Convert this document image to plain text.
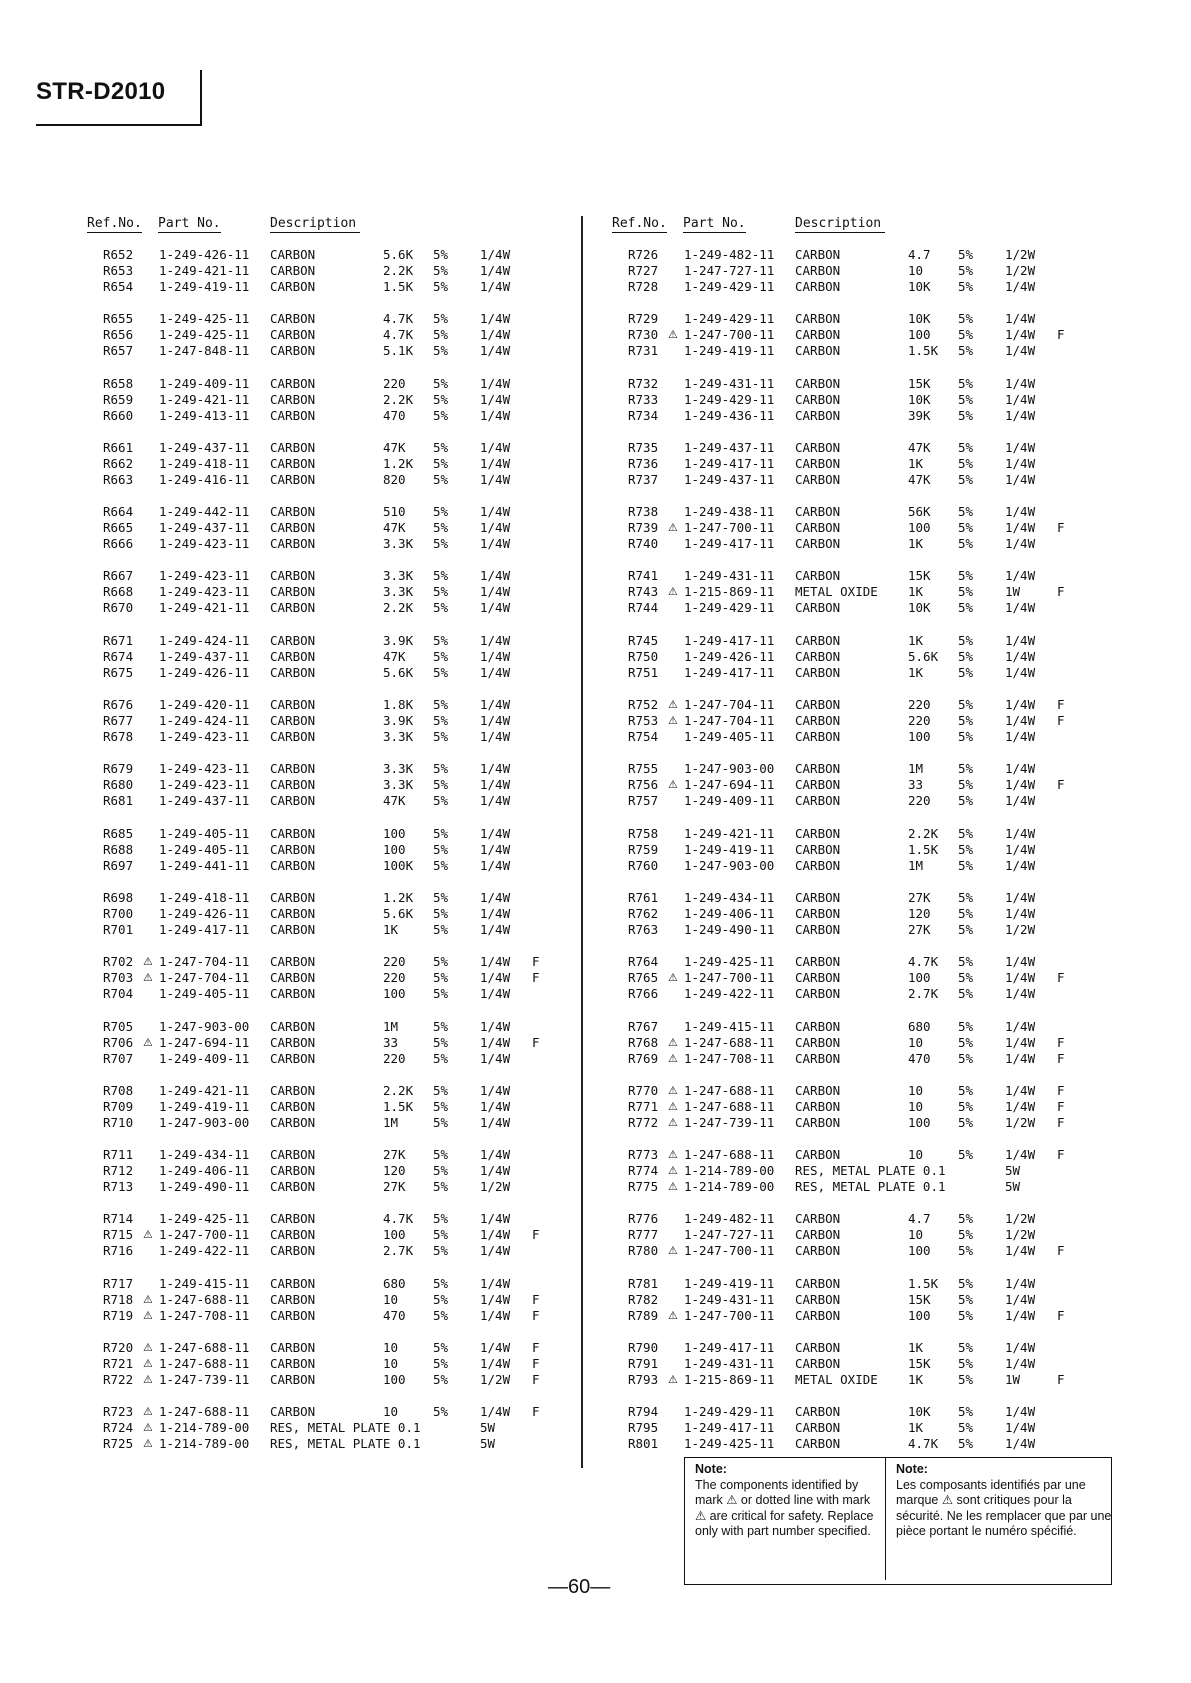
STR-D2010
Ref.No. Part No.	Description
R652 1-249-426-11 CARBON	5.6K 5%	1/4W
R653 1-249-421-11 CARBON	2.2K 5%	1/4W
R654 1-249-419-11 CARBON	1.5K 5%	1/4W
R655 1-249-425-11 CARBON	4.7K 5%	1/4W
R656 1-249-425-11 CARBON	4.7K 5%	1/4W
R657 1-247-848-11 CARBON	5.1K 5%	1/4W
R658 1-249-409-11 CARBON	220 5%	1/4W
R659 1-249-421-11 CARBON	2.2K 5%	1/4W
R660 1-249-413-11 CARBON	470 5%	1/4W
R661 1-249-437-11 CARBON	47K 5%	1/4W
R662 1-249-418-11 CARBON	1.2K 5%	1/4W
R663 1-249-416-11 CARBON	820 5%	1/4W
R664 1-249-442-11 CARBON	510 5%	1/4W
R665 1-249-437-11 CARBON	47K 5%	1/4W
R666 1-249-423-11 CARBON	3.3K 5%	1/4W
R667 1-249-423-11 CARBON	3.3K 5%	1/4W
R668 1-249-423-11 CARBON	3.3K 5%	1/4W
R670 1-249-421-11 CARBON	2.2K 5%	1/4W
R671 1-249-424-11 CARBON	3.9K 5%	1/4W
R674 1-249-437-11 CARBON	47K 5%	1/4W
R675 1-249-426-11 CARBON	5.6K 5%	1/4W
R676 1-249-420-11 CARBON	1.8K 5%	1/4W
R677 1-249-424-11 CARBON	3.9K 5%	1/4W
R678 1-249-423-11 CARBON	3.3K 5%	1/4W
R679 1-249-423-11 CARBON	3.3K 5%	1/4W
R680 1-249-423-11 CARBON	3.3K 5%	1/4W
R681 1-249-437-11 CARBON	47K 5%	1/4W
R685 1-249-405-11 CARBON	100 5%	1/4W
R688 1-249-405-11 CARBON	100 5%	1/4W
R697 1-249-441-11 CARBON	100K 5%	1/4W
R698 1-249-418-11 CARBON	1.2K 5%	1/4W
R700 1-249-426-11 CARBON	5.6K 5%	1/4W
R701 1-249-417-11 CARBON	1K	5%	1/4W
R702 ⚠ 1-247-704-11 CARBON	220 5%	1/4W F
R703 ⚠ 1-247-704-11 CARBON	220 5%	1/4W F
R704 1-249-405-11 CARBON	100 5%	1/4W
R705 1-247-903-00 CARBON	1M	5%	1/4W
R706 ⚠ 1-247-694-11 CARBON	33	5%	1/4W F
R707 1-249-409-11 CARBON	220 5%	1/4W
R708 1-249-421-11 CARBON	2.2K 5%	1/4W
R709 1-249-419-11 CARBON	1.5K 5%	1/4W
R710 1-247-903-00 CARBON	1M	5%	1/4W
R711 1-249-434-11 CARBON	27K 5%	1/4W
R712 1-249-406-11 CARBON	120 5%	1/4W
R713 1-249-490-11 CARBON	27K 5%	1/2W
R714 1-249-425-11 CARBON	4.7K 5%	1/4W
R715 ⚠ 1-247-700-11 CARBON	100 5%	1/4W F
R716 1-249-422-11 CARBON	2.7K 5%	1/4W
R717 1-249-415-11 CARBON	680 5%	1/4W
R718 ⚠ 1-247-688-11 CARBON	10	5%	1/4W F
R719 ⚠ 1-247-708-11 CARBON	470 5%	1/4W F
R720 ⚠ 1-247-688-11 CARBON	10	5%	1/4W F
R721 ⚠ 1-247-688-11 CARBON	10	5%	1/4W F
R722 ⚠ 1-247-739-11 CARBON	100 5%	1/2W F
R723 ⚠ 1-247-688-11 CARBON	10	5%	1/4W F
R724 ⚠ 1-214-789-00 RES, METAL PLATE 0.1	5W
R725 ⚠ 1-214-789-00 RES, METAL PLATE 0.1	5W
Ref.No. Part No.	Description
R726 1-249-482-11 CARBON	4.7 5%	1/2W
R727 1-247-727-11 CARBON	10	5%	1/2W
R728 1-249-429-11 CARBON	10K 5%	1/4W
R729 1-249-429-11 CARBON	10K 5%	1/4W
R730 ⚠ 1-247-700-11 CARBON	100 5%	1/4W F
R731 1-249-419-11 CARBON	1.5K 5%	1/4W
R732 1-249-431-11 CARBON	15K 5%	1/4W
R733 1-249-429-11 CARBON	10K 5%	1/4W
R734 1-249-436-11 CARBON	39K 5%	1/4W
R735 1-249-437-11 CARBON	47K 5%	1/4W
R736 1-249-417-11 CARBON	1K	5%	1/4W
R737 1-249-437-11 CARBON	47K 5%	1/4W
R738 1-249-438-11 CARBON	56K 5%	1/4W
R739 ⚠ 1-247-700-11 CARBON	100 5%	1/4W F
R740 1-249-417-11 CARBON	1K	5%	1/4W
R741 1-249-431-11 CARBON	15K 5%	1/4W
R743 ⚠ 1-215-869-11 METAL OXIDE 1K	5%	1W	F
R744 1-249-429-11 CARBON	10K 5%	1/4W
R745 1-249-417-11 CARBON	1K	5%	1/4W
R750 1-249-426-11 CARBON	5.6K 5%	1/4W
R751 1-249-417-11 CARBON	1K	5%	1/4W
R752 ⚠ 1-247-704-11 CARBON	220 5%	1/4W F
R753 ⚠ 1-247-704-11 CARBON	220 5%	1/4W F
R754 1-249-405-11 CARBON	100 5%	1/4W
R755 1-247-903-00 CARBON	1M	5%	1/4W
R756 ⚠ 1-247-694-11 CARBON	33	5%	1/4W F
R757 1-249-409-11 CARBON	220 5%	1/4W
R758 1-249-421-11 CARBON	2.2K 5%	1/4W
R759 1-249-419-11 CARBON	1.5K 5%	1/4W
R760 1-247-903-00 CARBON	1M	5%	1/4W
R761 1-249-434-11 CARBON	27K 5%	1/4W
R762 1-249-406-11 CARBON	120 5%	1/4W
R763 1-249-490-11 CARBON	27K 5%	1/2W
R764 1-249-425-11 CARBON	4.7K 5%	1/4W
R765 ⚠ 1-247-700-11 CARBON	100 5%	1/4W F
R766 1-249-422-11 CARBON	2.7K 5%	1/4W
R767 1-249-415-11 CARBON	680 5%	1/4W
R768 ⚠ 1-247-688-11 CARBON	10	5%	1/4W F
R769 ⚠ 1-247-708-11 CARBON	470 5%	1/4W F
R770 ⚠ 1-247-688-11 CARBON	10	5%	1/4W F
R771 ⚠ 1-247-688-11 CARBON	10	5%	1/4W F
R772 ⚠ 1-247-739-11 CARBON	100 5%	1/2W F
R773 ⚠ 1-247-688-11 CARBON	10	5%	1/4W F
R774 ⚠ 1-214-789-00 RES, METAL PLATE 0.1	5W
R775 ⚠ 1-214-789-00 RES, METAL PLATE 0.1	5W
R776 1-249-482-11 CARBON	4.7 5%	1/2W
R777 1-247-727-11 CARBON	10	5%	1/2W
R780 ⚠ 1-247-700-11 CARBON	100 5%	1/4W F
R781 1-249-419-11 CARBON	1.5K 5%	1/4W
R782 1-249-431-11 CARBON	15K 5%	1/4W
R789 ⚠ 1-247-700-11 CARBON	100 5%	1/4W F
R790 1-249-417-11 CARBON	1K	5%	1/4W
R791 1-249-431-11 CARBON	15K 5%	1/4W
R793 ⚠ 1-215-869-11 METAL OXIDE 1K	5%	1W	F
R794 1-249-429-11 CARBON	10K 5%	1/4W
R795 1-249-417-11 CARBON	1K	5%	1/4W
R801 1-249-425-11 CARBON	4.7K 5%	1/4W
Note:
The components identified by mark ⚠ or dotted line with mark ⚠ are critical for safety. Replace only with part number specified.
Note:
Les composants identifiés par une marque ⚠ sont critiques pour la sécurité. Ne les remplacer que par une pièce portant le numéro spécifié.
—60—
